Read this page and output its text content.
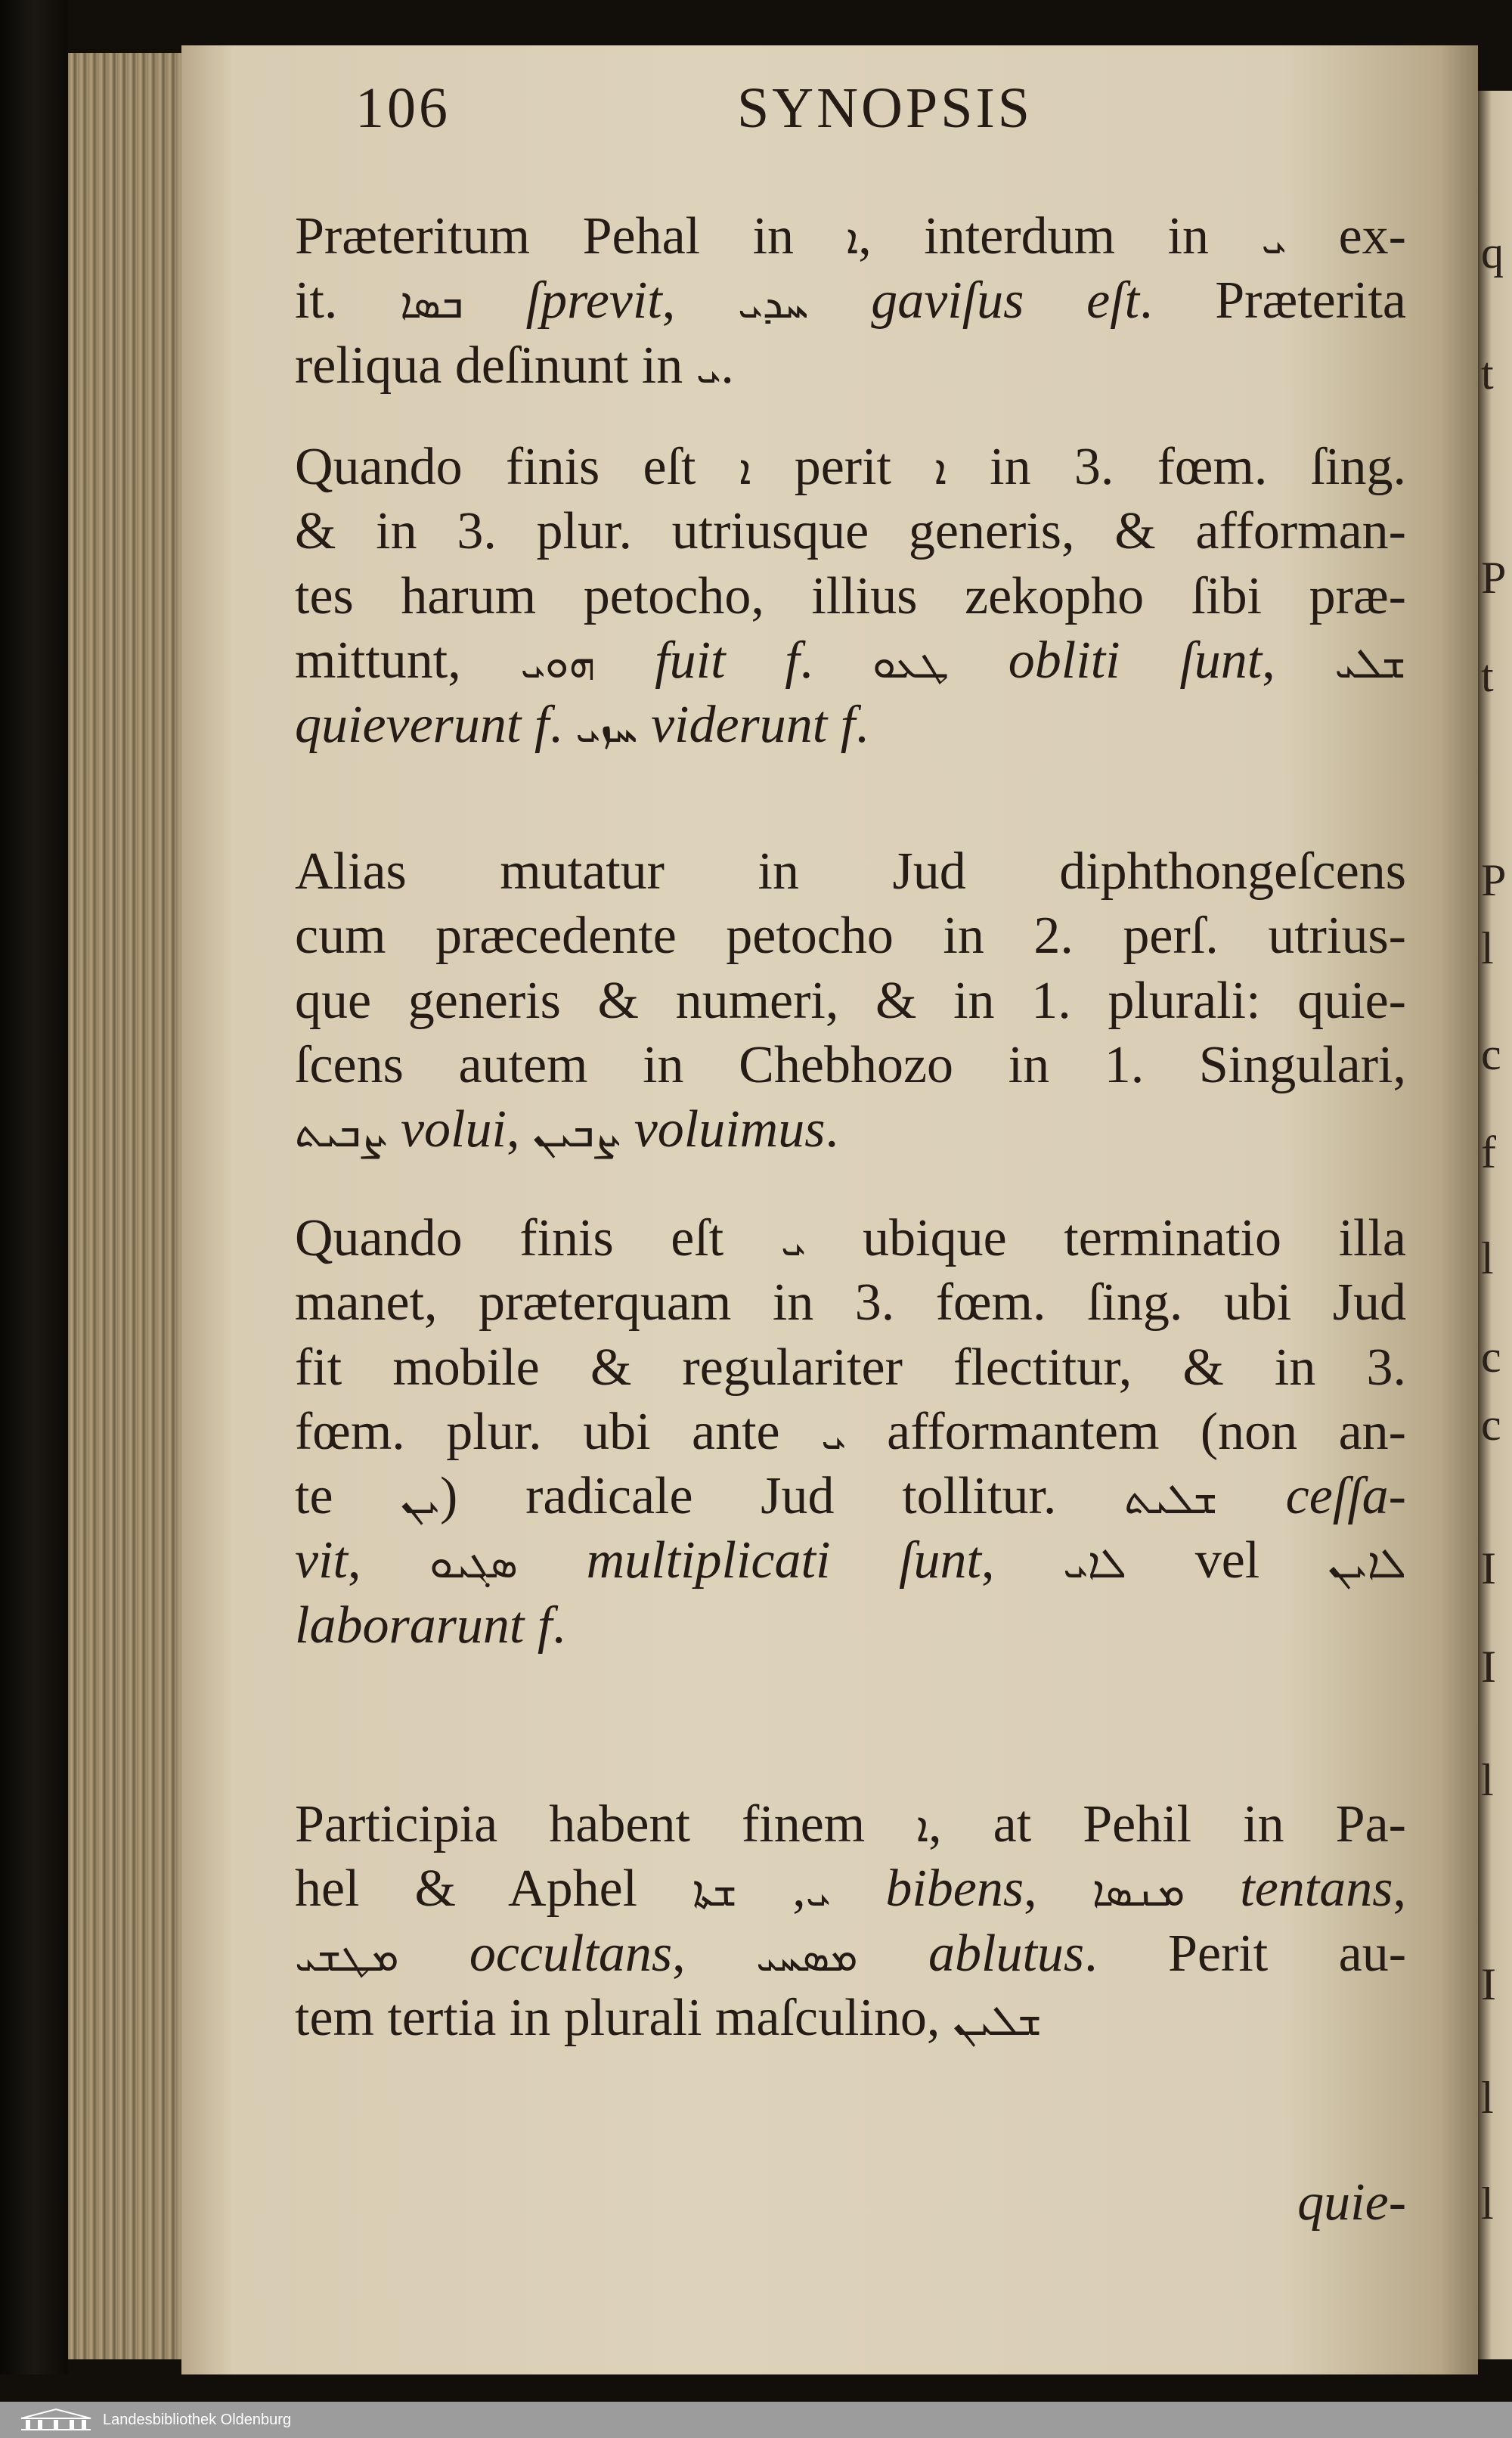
q
t
P
t
P
l
c
f
l
c
c
I
I
l
I
l
l
106	SYNOPSIS
Præteritum Pehal in ܐ, interdum in ܝ ex-
it. ܒܣܐ ſprevit, ܚܕܝ gaviſus eſt. Præterita
reliqua deſinunt in ܝ.
Quando finis eſt ܐ perit ܐ in 3. fœm. ſing.
& in 3. plur. utriusque generis, & afforman-
tes harum petocho, illius zekopho ſibi præ-
mittunt, ܗܘܝ fuit f. ܛܥܘ obliti ſunt, ܫܠܝ
quieverunt f. ܚܙܝ viderunt f.
Alias mutatur in Jud diphthongeſcens
cum præcedente petocho in 2. perſ. utrius-
que generis & numeri, & in 1. plurali: quie-
ſcens autem in Chebhozo in 1. Singulari,
ܨܒܝܬ volui, ܨܒܝܢ voluimus.
Quando finis eſt ܝ ubique terminatio illa
manet, præterquam in 3. fœm. ſing. ubi Jud
fit mobile & regulariter flectitur, & in 3.
fœm. plur. ubi ante ܝ afformantem (non an-
te ܝܢ) radicale Jud tollitur. ܫܠܝܬ ceſſa-
vit, ܣܓܝܘ multiplicati ſunt, ܠܐܝ vel ܠܐܝܢ
laborarunt f.
Participia habent finem ܐ, at Pehil in Pa-
hel & Aphel	ܝ, ܫܬܐ bibens, ܡܢܣܐ tentans,
ܡܛܫܝ occultans, ܡܣܚܝ ablutus. Perit au-
tem tertia in plurali maſculino, ܫܠܝܢ
quie-
Landesbibliothek Oldenburg
